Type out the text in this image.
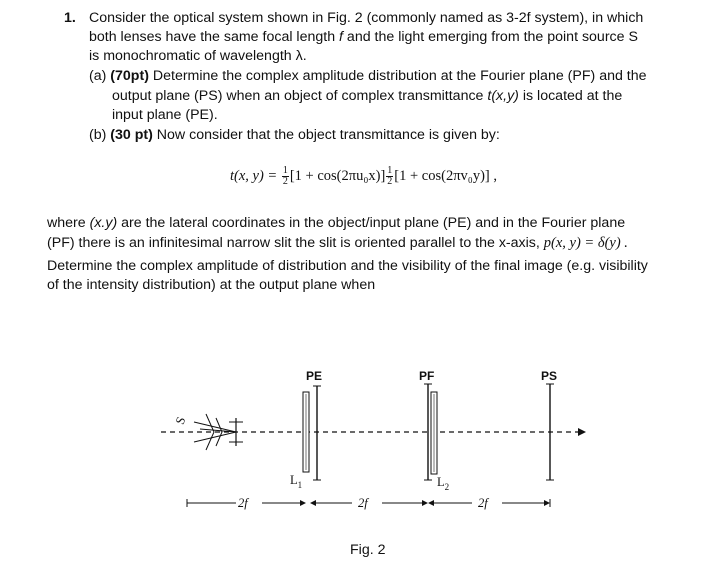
1. Consider the optical system shown in Fig. 2 (commonly named as 3-2f system), in which
both lenses have the same focal length f and the light emerging from the point source S
is monochromatic of wavelength λ.
(a) (70pt) Determine the complex amplitude distribution at the Fourier plane (PF) and the
output plane (PS) when an object of complex transmittance t(x,y) is located at the
input plane (PE).
(b) (30 pt) Now consider that the object transmittance is given by:
t(x, $y) = \frac{1}{2} [1 + \cos(2\pi u_0x)] \frac{1}{2} [1 + \cos(2\pi v_0y)]$ ,
where (x.y) are the lateral coordinates in the object/input plane (PE) and in the Fourier plane
(PF) there is an infinitesimal narrow slit the slit is oriented parallel to the x-axis, p(x, y) = δ(y) .
Determine the complex amplitude of distribution and the visibility of the final image (e.g. visibility
of the intensity distribution) at the output plane when
S
PE
$L_1$
PF
$L_2$
PS
2f	2f	2f
Fig. 2
